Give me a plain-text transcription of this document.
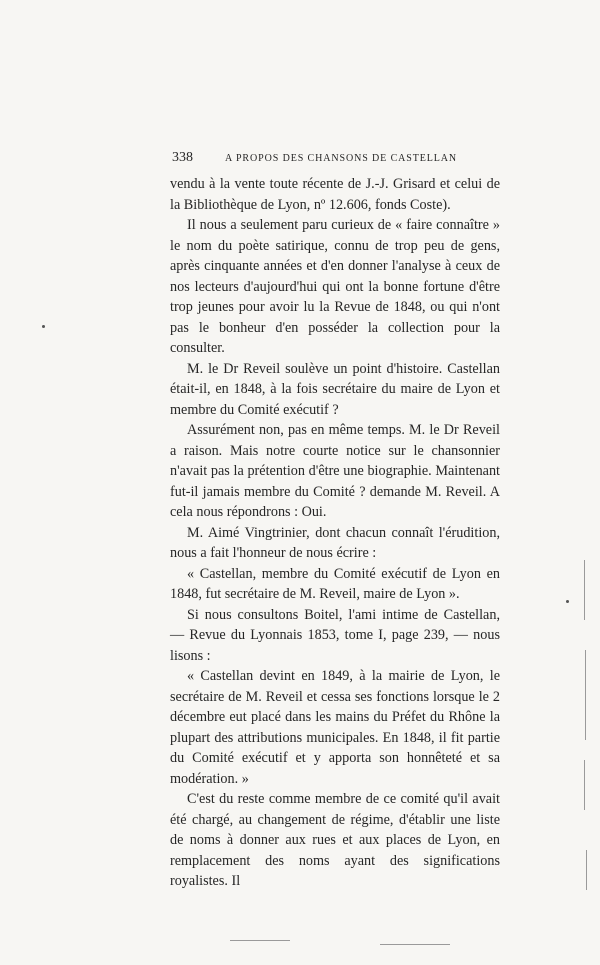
338	A PROPOS DES CHANSONS DE CASTELLAN

vendu à la vente toute récente de J.-J. Grisard et celui de la Bibliothèque de Lyon, nº 12.606, fonds Coste).

Il nous a seulement paru curieux de « faire connaître » le nom du poète satirique, connu de trop peu de gens, après cinquante années et d'en donner l'analyse à ceux de nos lecteurs d'aujourd'hui qui ont la bonne fortune d'être trop jeunes pour avoir lu la Revue de 1848, ou qui n'ont pas le bonheur d'en posséder la collection pour la consulter.

M. le Dr Reveil soulève un point d'histoire. Castellan était-il, en 1848, à la fois secrétaire du maire de Lyon et membre du Comité exécutif ?

Assurément non, pas en même temps. M. le Dr Reveil a raison. Mais notre courte notice sur le chansonnier n'avait pas la prétention d'être une biographie. Maintenant fut-il jamais membre du Comité ? demande M. Reveil. A cela nous répondrons : Oui.

M. Aimé Vingtrinier, dont chacun connaît l'érudition, nous a fait l'honneur de nous écrire :

« Castellan, membre du Comité exécutif de Lyon en 1848, fut secrétaire de M. Reveil, maire de Lyon ».

Si nous consultons Boitel, l'ami intime de Castellan, — Revue du Lyonnais 1853, tome I, page 239, — nous lisons :

« Castellan devint en 1849, à la mairie de Lyon, le secrétaire de M. Reveil et cessa ses fonctions lorsque le 2 décembre eut placé dans les mains du Préfet du Rhône la plupart des attributions municipales. En 1848, il fit partie du Comité exécutif et y apporta son honnêteté et sa modération. »

C'est du reste comme membre de ce comité qu'il avait été chargé, au changement de régime, d'établir une liste de noms à donner aux rues et aux places de Lyon, en remplacement des noms ayant des significations royalistes. Il
